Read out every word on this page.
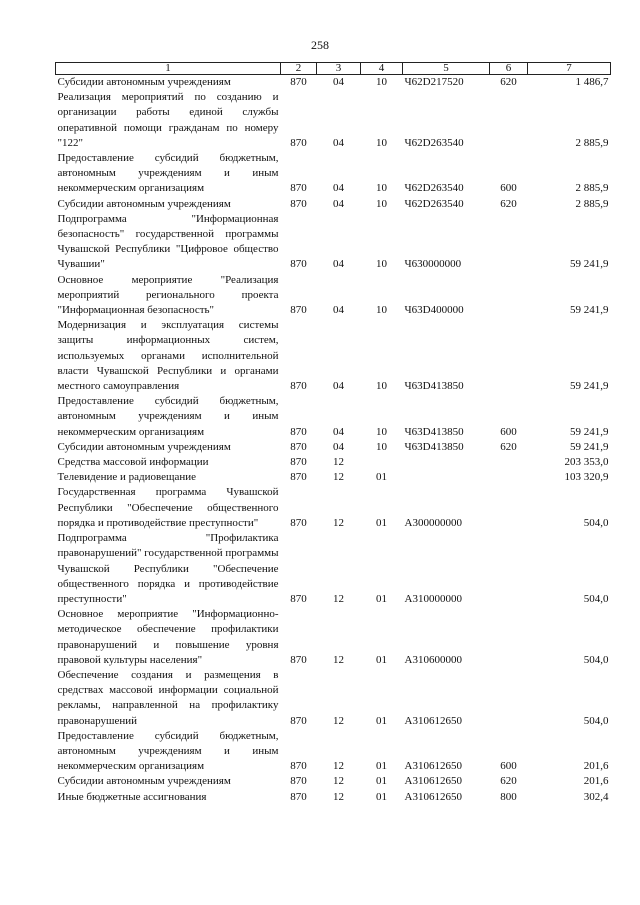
258
1	2	3	4	5	6	7
Субсидии автономным учреждениям	870	04	10	Ч62D217520	620	1 486,7
Реализация мероприятий по созданию и организации работы единой службы оперативной помощи гражданам по номеру "122"	870	04	10	Ч62D263540		2 885,9
Предоставление субсидий бюджетным, автономным учреждениям и иным некоммерческим организациям	870	04	10	Ч62D263540	600	2 885,9
Субсидии автономным учреждениям	870	04	10	Ч62D263540	620	2 885,9
Подпрограмма "Информационная безопасность" государственной программы Чувашской Республики "Цифровое общество Чувашии"	870	04	10	Ч630000000		59 241,9
Основное мероприятие "Реализация мероприятий регионального проекта "Информационная безопасность"	870	04	10	Ч63D400000		59 241,9
Модернизация и эксплуатация системы защиты информационных систем, используемых органами исполнительной власти Чувашской Республики и органами местного самоуправления	870	04	10	Ч63D413850		59 241,9
Предоставление субсидий бюджетным, автономным учреждениям и иным некоммерческим организациям	870	04	10	Ч63D413850	600	59 241,9
Субсидии автономным учреждениям	870	04	10	Ч63D413850	620	59 241,9
Средства массовой информации	870	12				203 353,0
Телевидение и радиовещание	870	12	01			103 320,9
Государственная программа Чувашской Республики "Обеспечение общественного порядка и противодействие преступности"	870	12	01	А300000000		504,0
Подпрограмма "Профилактика правонарушений" государственной программы Чувашской Республики "Обеспечение общественного порядка и противодействие преступности"	870	12	01	А310000000		504,0
Основное мероприятие "Информационно-методическое обеспечение профилактики правонарушений и повышение уровня правовой культуры населения"	870	12	01	А310600000		504,0
Обеспечение создания и размещения в средствах массовой информации социальной рекламы, направленной на профилактику правонарушений	870	12	01	А310612650		504,0
Предоставление субсидий бюджетным, автономным учреждениям и иным некоммерческим организациям	870	12	01	А310612650	600	201,6
Субсидии автономным учреждениям	870	12	01	А310612650	620	201,6
Иные бюджетные ассигнования	870	12	01	А310612650	800	302,4
